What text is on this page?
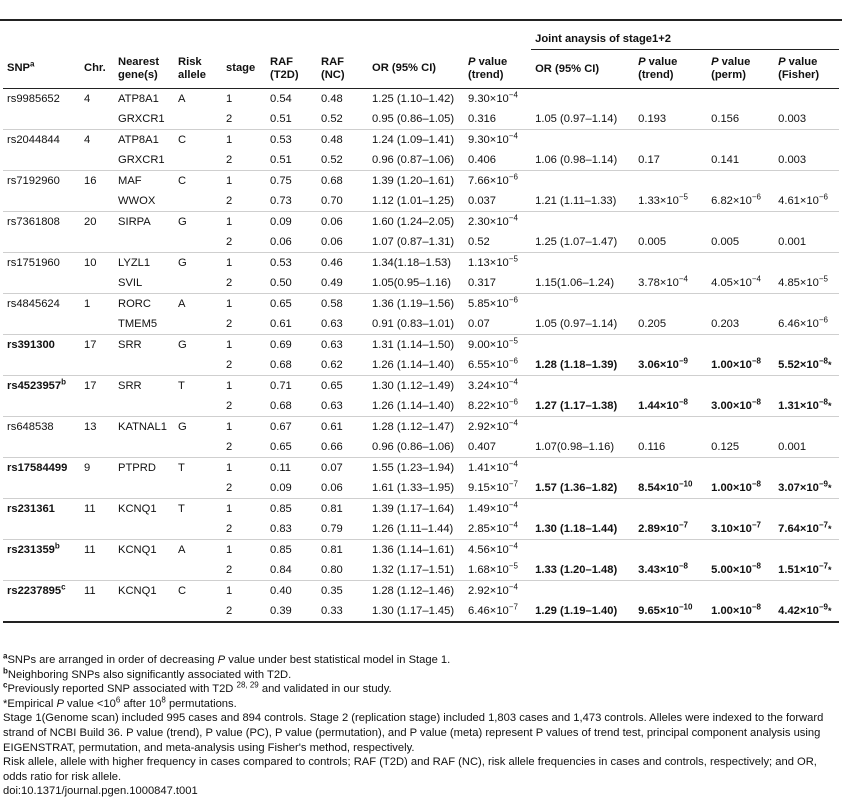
									Joint anaysis of stage1+2			
SNP$^a$	Chr.	Nearest gene(s)	Risk allele	stage	RAF (T2D)	RAF (NC)	OR (95% CI)	P value (trend)	OR (95% CI)	P value (trend)	P value (perm)	P value (Fisher)
rs9985652	4	ATP8A1	A	1	0.54	0.48	1.25 (1.10–1.42)	$9.30\times 10^{-4}$				
		GRXCR1		2	0.51	0.52	0.95 (0.86–1.05)	0.316	1.05 (0.97–1.14)	0.193	0.156	0.003
rs2044844	4	ATP8A1	C	1	0.53	0.48	1.24 (1.09–1.41)	$9.30\times 10^{-4}$				
		GRXCR1		2	0.51	0.52	0.96 (0.87–1.06)	0.406	1.06 (0.98–1.14)	0.17	0.141	0.003
rs7192960	16	MAF	C	1	0.75	0.68	1.39 (1.20–1.61)	$7.66\times 10^{-6}$				
		WWOX		2	0.73	0.70	1.12 (1.01–1.25)	0.037	1.21 (1.11–1.33)	$1.33\times 10^{-5}$	$6.82\times 10^{-6}$	$4.61\times 10^{-6}$
rs7361808	20	SIRPA	G	1	0.09	0.06	1.60 (1.24–2.05)	$2.30\times 10^{-4}$				
				2	0.06	0.06	1.07 (0.87–1.31)	0.52	1.25 (1.07–1.47)	0.005	0.005	0.001
rs1751960	10	LYZL1	G	1	0.53	0.46	1.34(1.18–1.53)	$1.13\times 10^{-5}$				
		SVIL		2	0.50	0.49	1.05(0.95–1.16)	0.317	1.15(1.06–1.24)	$3.78\times 10^{-4}$	$4.05\times 10^{-4}$	$4.85\times 10^{-5}$
rs4845624	1	RORC	A	1	0.65	0.58	1.36 (1.19–1.56)	$5.85\times 10^{-6}$				
		TMEM5		2	0.61	0.63	0.91 (0.83–1.01)	0.07	1.05 (0.97–1.14)	0.205	0.203	$6.46\times 10^{-6}$
rs391300	17	SRR	G	1	0.69	0.63	1.31 (1.14–1.50)	$9.00\times 10^{-5}$				
				2	0.68	0.62	1.26 (1.14–1.40)	$6.55\times 10^{-6}$	1.28 (1.18–1.39)	$3.06\times 10^{-9}$	$1.00\times 10^{-8}$	$5.52\times 10^{-8}*$
rs4523957$^b$	17	SRR	T	1	0.71	0.65	1.30 (1.12–1.49)	$3.24\times 10^{-4}$				
				2	0.68	0.63	1.26 (1.14–1.40)	$8.22\times 10^{-6}$	1.27 (1.17–1.38)	$1.44\times 10^{-8}$	$3.00\times 10^{-8}$	$1.31\times 10^{-8}*$
rs648538	13	KATNAL1	G	1	0.67	0.61	1.28 (1.12–1.47)	$2.92\times 10^{-4}$				
				2	0.65	0.66	0.96 (0.86–1.06)	0.407	1.07(0.98–1.16)	0.116	0.125	0.001
rs17584499	9	PTPRD	T	1	0.11	0.07	1.55 (1.23–1.94)	$1.41\times 10^{-4}$				
				2	0.09	0.06	1.61 (1.33–1.95)	$9.15\times 10^{-7}$	1.57 (1.36–1.82)	$8.54\times 10^{-10}$	$1.00\times 10^{-8}$	$3.07\times 10^{-9}*$
rs231361	11	KCNQ1	T	1	0.85	0.81	1.39 (1.17–1.64)	$1.49\times 10^{-4}$				
				2	0.83	0.79	1.26 (1.11–1.44)	$2.85\times 10^{-4}$	1.30 (1.18–1.44)	$2.89\times 10^{-7}$	$3.10\times 10^{-7}$	$7.64\times 10^{-7}*$
rs231359$^b$	11	KCNQ1	A	1	0.85	0.81	1.36 (1.14–1.61)	$4.56\times 10^{-4}$				
				2	0.84	0.80	1.32 (1.17–1.51)	$1.68\times 10^{-5}$	1.33 (1.20–1.48)	$3.43\times 10^{-8}$	$5.00\times 10^{-8}$	$1.51\times 10^{-7}*$
rs2237895$^c$	11	KCNQ1	C	1	0.40	0.35	1.28 (1.12–1.46)	$2.92\times 10^{-4}$				
				2	0.39	0.33	1.30 (1.17–1.45)	$6.46\times 10^{-7}$	1.29 (1.19–1.40)	$9.65\times 10^{-10}$	$1.00\times 10^{-8}$	$4.42\times 10^{-9}*$

$^a$SNPs are arranged in order of decreasing P value under best statistical model in Stage 1.

$^b$Neighboring SNPs also significantly associated with T2D.

$^c$Previously reported SNP associated with T2D $^{28, 29}$ and validated in our study.

*Empirical P value $<10^6$ after $10^8$ permutations.

Stage 1(Genome scan) included 995 cases and 894 controls. Stage 2 (replication stage) included 1,803 cases and 1,473 controls. Alleles were indexed to the forward strand of NCBI Build 36. P value (trend), P value (PC), P value (permutation), and P value (meta) represent P values of trend test, principal component analysis using EIGENSTRAT, permutation, and meta-analysis using Fisher's method, respectively.

Risk allele, allele with higher frequency in cases compared to controls; RAF (T2D) and RAF (NC), risk allele frequencies in cases and controls, respectively; and OR, odds ratio for risk allele.

doi:10.1371/journal.pgen.1000847.t001
